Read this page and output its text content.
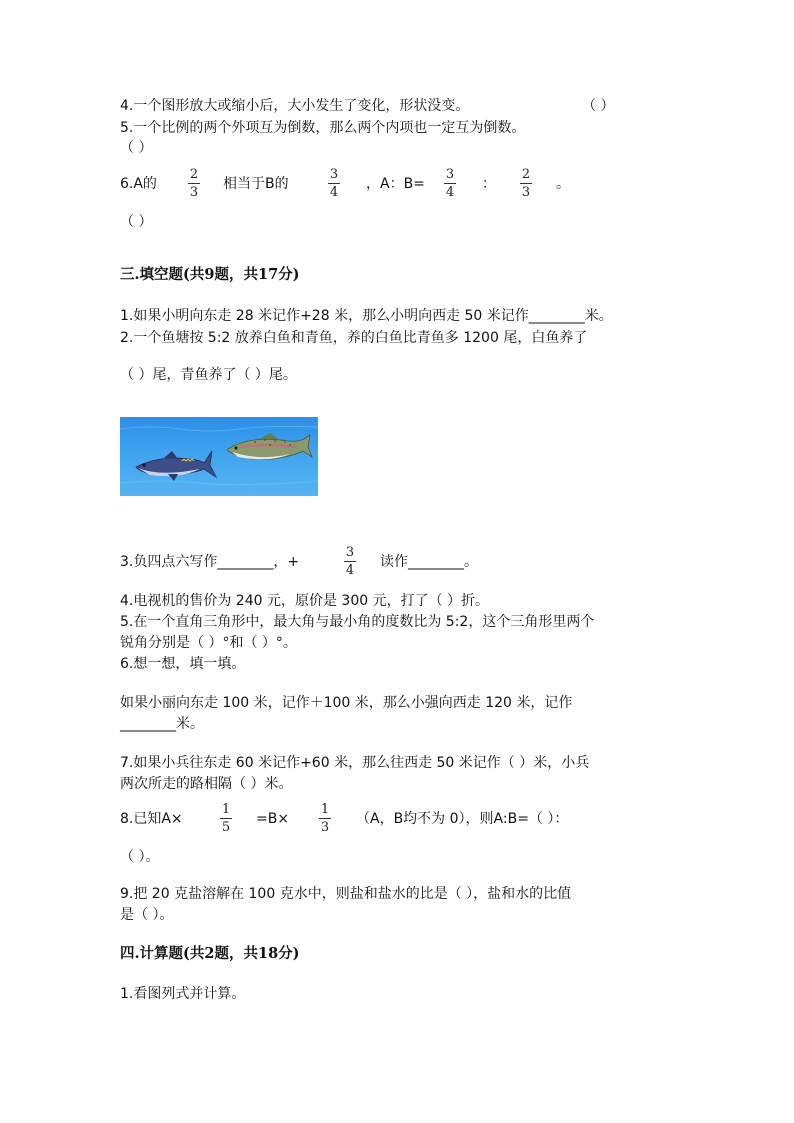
4.一个图形放大或缩小后，大小发生了变化，形状没变。	（ ）
5.一个比例的两个外项互为倒数，那么两个内项也一定互为倒数。
（ ）
6.A的
2
3
相当于B的
3
4
，A：B=
3
4
：
2
3
。
（ ）
三.填空题(共9题，共17分)
1.如果小明向东走 28 米记作+28 米，那么小明向西走 50 米记作________米。
2.一个鱼塘按 5:2 放养白鱼和青鱼，养的白鱼比青鱼多 1200 尾，白鱼养了
（ ）尾，青鱼养了（ ）尾。
3.负四点六写作________，+
3
4
读作________。
4.电视机的售价为 240 元，原价是 300 元，打了（ ）折。
5.在一个直角三角形中，最大角与最小角的度数比为 5:2，这个三角形里两个
锐角分别是（ ）°和（ ）°。
6.想一想，填一填。
如果小丽向东走 100 米，记作＋100 米，那么小强向西走 120 米，记作
________米。
7.如果小兵往东走 60 米记作+60 米，那么往西走 50 米记作（ ）米，小兵
两次所走的路相隔（ ）米。
8.已知A×
1
5
=B×
1
3
（A，B均不为 0），则A:B=（ ）：
（ ）。
9.把 20 克盐溶解在 100 克水中，则盐和盐水的比是（ ），盐和水的比值
是（ ）。
四.计算题(共2题，共18分)
1.看图列式并计算。
